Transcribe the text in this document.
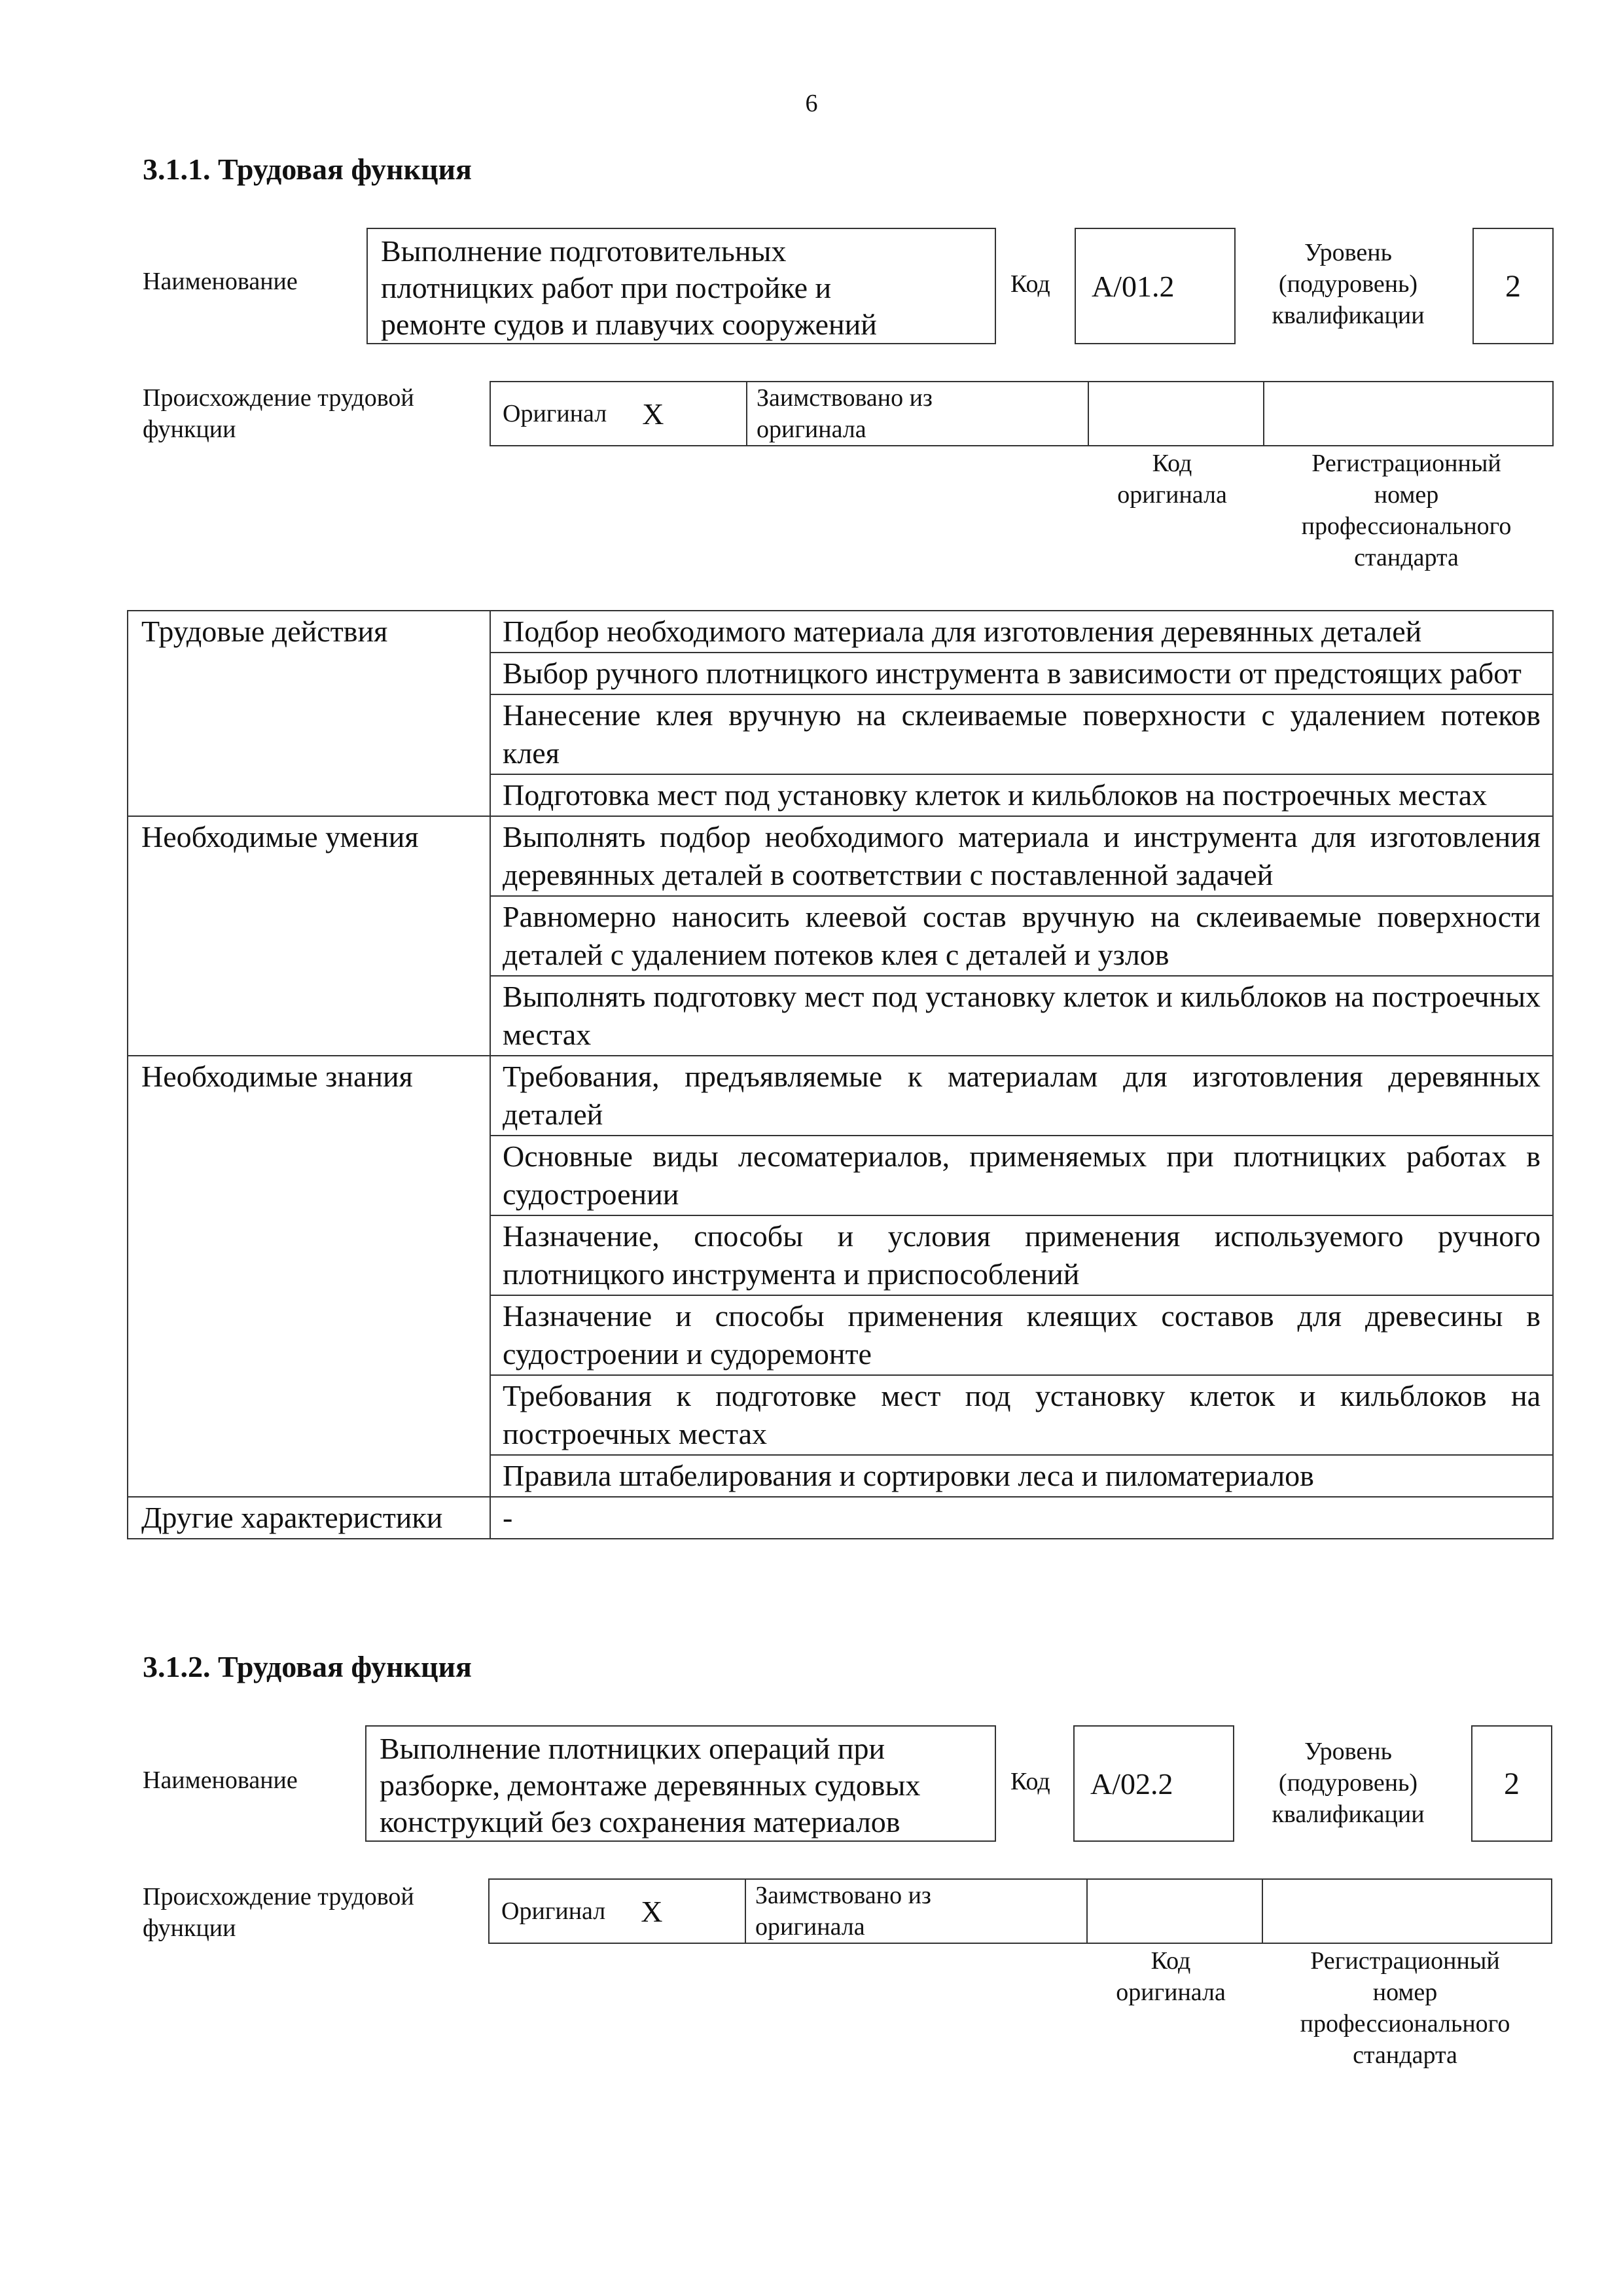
6
3.1.1. Трудовая функция
Наименование
Выполнение подготовительных
плотницких работ при постройке и
ремонте судов и плавучих сооружений
Код А/01.2
Уровень
(подуровень)
квалификации
2
Происхождение трудовой
функции
Оригинал X	Заимствовано из
оригинала

Код
оригинала
Регистрационный
номер
профессионального
стандарта
Трудовые действия	Подбор необходимого материала для изготовления деревянных деталей
	Выбор ручного плотницкого инструмента в зависимости от предстоящих работ
	Нанесение клея вручную на склеиваемые поверхности с удалением потеков клея
	Подготовка мест под установку клеток и кильблоков на построечных местах
Необходимые умения	Выполнять подбор необходимого материала и инструмента для изготовления деревянных деталей в соответствии с поставленной задачей
	Равномерно наносить клеевой состав вручную на склеиваемые поверхности деталей с удалением потеков клея с деталей и узлов
	Выполнять подготовку мест под установку клеток и кильблоков на построечных местах
Необходимые знания	Требования, предъявляемые к материалам для изготовления деревянных деталей
	Основные виды лесоматериалов, применяемых при плотницких работах в судостроении
	Назначение, способы и условия применения используемого ручного плотницкого инструмента и приспособлений
	Назначение и способы применения клеящих составов для древесины в судостроении и судоремонте
	Требования к подготовке мест под установку клеток и кильблоков на построечных местах
	Правила штабелирования и сортировки леса и пиломатериалов
Другие характеристики	-
3.1.2. Трудовая функция
Наименование
Выполнение плотницких операций при
разборке, демонтаже деревянных судовых
конструкций без сохранения материалов
Код А/02.2
Уровень
(подуровень)
квалификации
2
Происхождение трудовой
функции
Оригинал X	Заимствовано из
оригинала

Код
оригинала
Регистрационный
номер
профессионального
стандарта
